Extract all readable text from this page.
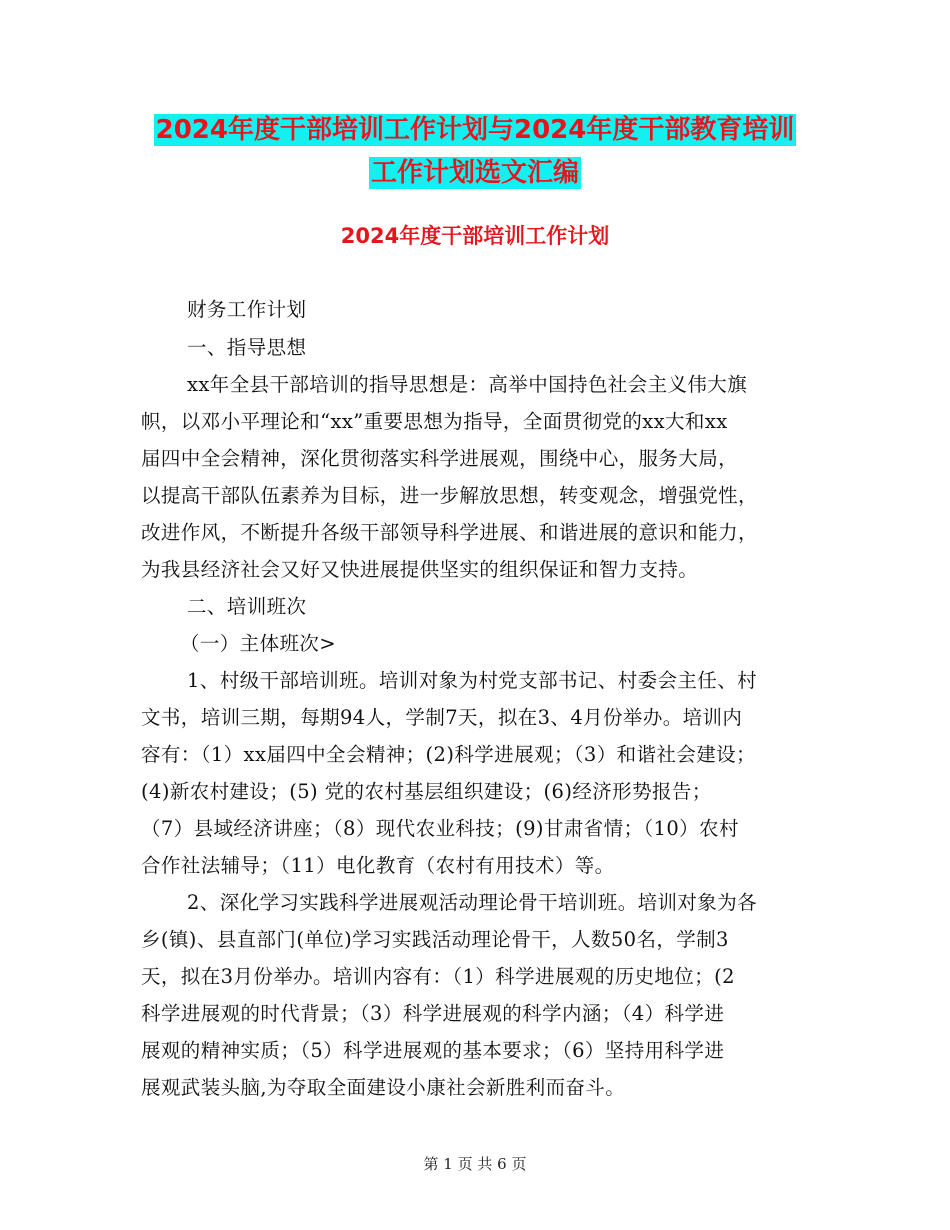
2024年度干部培训工作计划与2024年度干部教育培训
工作计划选文汇编
2024年度干部培训工作计划
财务工作计划
一、指导思想
xx年全县干部培训的指导思想是：高举中国持色社会主义伟大旗
帜，以邓小平理论和“xx”重要思想为指导，全面贯彻党的xx大和xx
届四中全会精神，深化贯彻落实科学进展观，围绕中心，服务大局，
以提高干部队伍素养为目标，进一步解放思想，转变观念，增强党性，
改进作风，不断提升各级干部领导科学进展、和谐进展的意识和能力，
为我县经济社会又好又快进展提供坚实的组织保证和智力支持。
二、培训班次
（一）主体班次>
1、村级干部培训班。培训对象为村党支部书记、村委会主任、村
文书，培训三期，每期94人，学制7天，拟在3、4月份举办。培训内
容有：（1）xx届四中全会精神；(2)科学进展观；（3）和谐社会建设；
(4)新农村建设；(5) 党的农村基层组织建设；(6)经济形势报告；
（7）县域经济讲座；（8）现代农业科技；(9)甘肃省情；（10）农村
合作社法辅导；（11）电化教育（农村有用技术）等。
2、深化学习实践科学进展观活动理论骨干培训班。培训对象为各
乡(镇)、县直部门(单位)学习实践活动理论骨干，人数50名，学制3
天，拟在3月份举办。培训内容有：（1）科学进展观的历史地位；(2
科学进展观的时代背景；（3）科学进展观的科学内涵；（4）科学进
展观的精神实质；（5）科学进展观的基本要求；（6）坚持用科学进
展观武装头脑,为夺取全面建设小康社会新胜利而奋斗。
第 1 页 共 6 页
